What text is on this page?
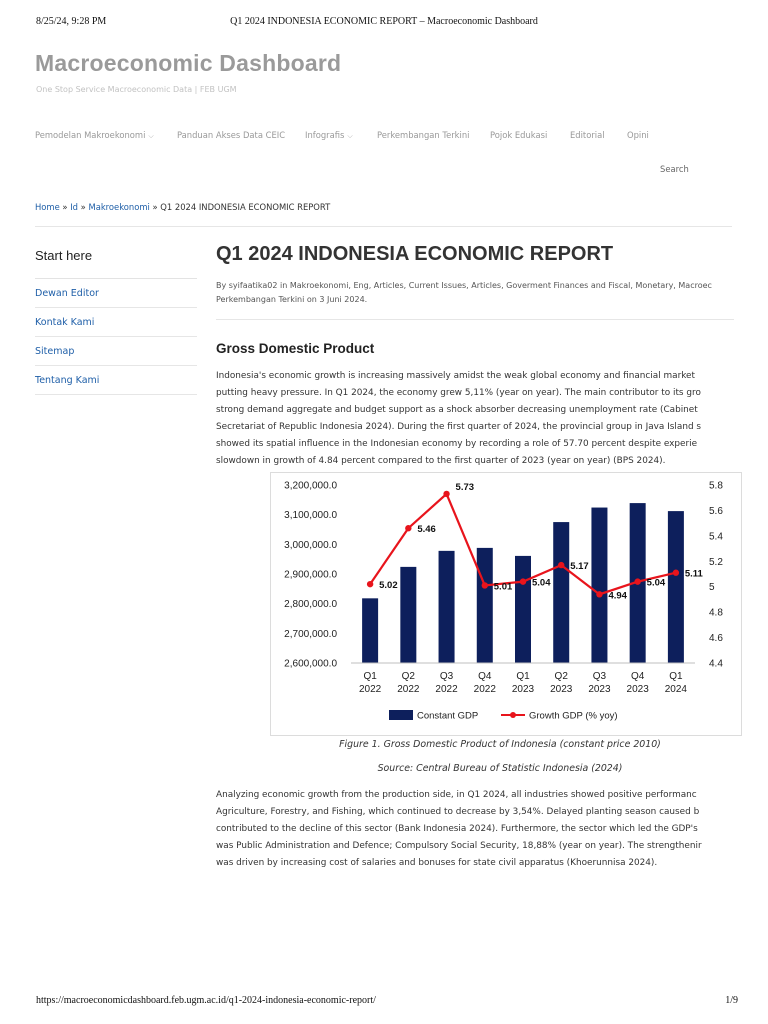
8/25/24, 9:28 PM	Q1 2024 INDONESIA ECONOMIC REPORT – Macroeconomic Dashboard
Macroeconomic Dashboard
One Stop Service Macroeconomic Data | FEB UGM
Pemodelan Makroekonomi ⌵	Panduan Akses Data CEIC Infografis ⌵	Perkembangan Terkini Pojok Edukasi	Editorial	Opini
Search
Home » Id » Makroekonomi » Q1 2024 INDONESIA ECONOMIC REPORT
Start here
Dewan Editor
Kontak Kami
Sitemap
Tentang Kami
Q1 2024 INDONESIA ECONOMIC REPORT
By syifaatika02 in Makroekonomi, Eng, Articles, Current Issues, Articles, Goverment Finances and Fiscal, Monetary, Macroec
Perkembangan Terkini on 3 Juni 2024.
Gross Domestic Product
Indonesia's economic growth is increasing massively amidst the weak global economy and financial market
putting heavy pressure. In Q1 2024, the economy grew 5,11% (year on year). The main contributor to its gro
strong demand aggregate and budget support as a shock absorber decreasing unemployment rate (Cabinet
Secretariat of Republic Indonesia 2024). During the first quarter of 2024, the provincial group in Java Island s
showed its spatial influence in the Indonesian economy by recording a role of 57.70 percent despite experie
slowdown in growth of 4.84 percent compared to the first quarter of 2023 (year on year) (BPS 2024).
2,600,000.0
2,700,000.0
2,800,000.0
2,900,000.0
3,000,000.0
3,100,000.0
3,200,000.0
4.4
4.6
4.8
5
5.2
5.4
5.6
5.8
Q1
2022
Q2
2022
Q3
2022
Q4
2022
Q1
2023
Q2
2023
Q3
2023
Q4
2023
Q1
2024
5.02
5.46
5.73
5.01 5.04
5.17
4.94
5.04
5.11
Constant GDP	Growth GDP (% yoy)
Figure 1. Gross Domestic Product of Indonesia (constant price 2010)
Source: Central Bureau of Statistic Indonesia (2024)
Analyzing economic growth from the production side, in Q1 2024, all industries showed positive performanc
Agriculture, Forestry, and Fishing, which continued to decrease by 3,54%. Delayed planting season caused b
contributed to the decline of this sector (Bank Indonesia 2024). Furthermore, the sector which led the GDP's
was Public Administration and Defence; Compulsory Social Security, 18,88% (year on year). The strengthenir
was driven by increasing cost of salaries and bonuses for state civil apparatus (Khoerunnisa 2024).
https://macroeconomicdashboard.feb.ugm.ac.id/q1-2024-indonesia-economic-report/	1/9
